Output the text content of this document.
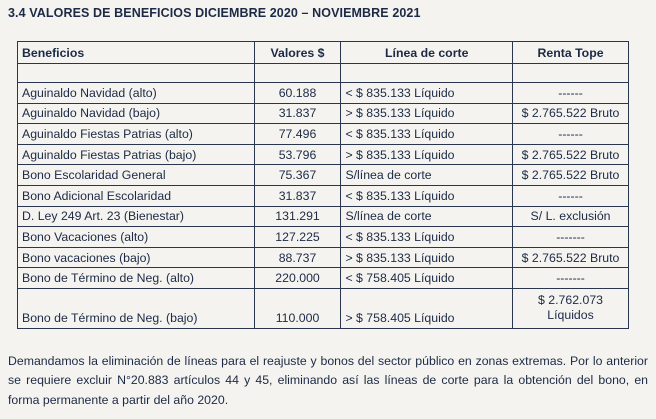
3.4 VALORES DE BENEFICIOS DICIEMBRE 2020 – NOVIEMBRE 2021
Beneficios	Valores $	Línea de corte	Renta Tope

Aguinaldo Navidad (alto)	60.188	< $ 835.133 Líquido	------
Aguinaldo Navidad (bajo)	31.837	> $ 835.133 Líquido	$ 2.765.522 Bruto
Aguinaldo Fiestas Patrias (alto)	77.496	< $ 835.133 Líquido	------
Aguinaldo Fiestas Patrias (bajo)	53.796	> $ 835.133 Líquido	$ 2.765.522 Bruto
Bono Escolaridad General	75.367	S/línea de corte	$ 2.765.522 Bruto
Bono Adicional Escolaridad	31.837	< $ 835.133 Líquido	------
D. Ley 249 Art. 23 (Bienestar)	131.291	S/línea de corte	S/ L. exclusión
Bono Vacaciones (alto)	127.225	< $ 835.133 Líquido	-------
Bono vacaciones (bajo)	88.737	> $ 835.133 Líquido	$ 2.765.522 Bruto
Bono de Término de Neg. (alto)	220.000	< $ 758.405 Líquido	-------
Bono de Término de Neg. (bajo)	110.000	> $ 758.405 Líquido	$ 2.762.073 Líquidos
Demandamos la eliminación de líneas para el reajuste y bonos del sector público en zonas extremas. Por lo anterior se requiere excluir N°20.883 artículos 44 y 45, eliminando así las líneas de corte para la obtención del bono, en forma permanente a partir del año 2020.
